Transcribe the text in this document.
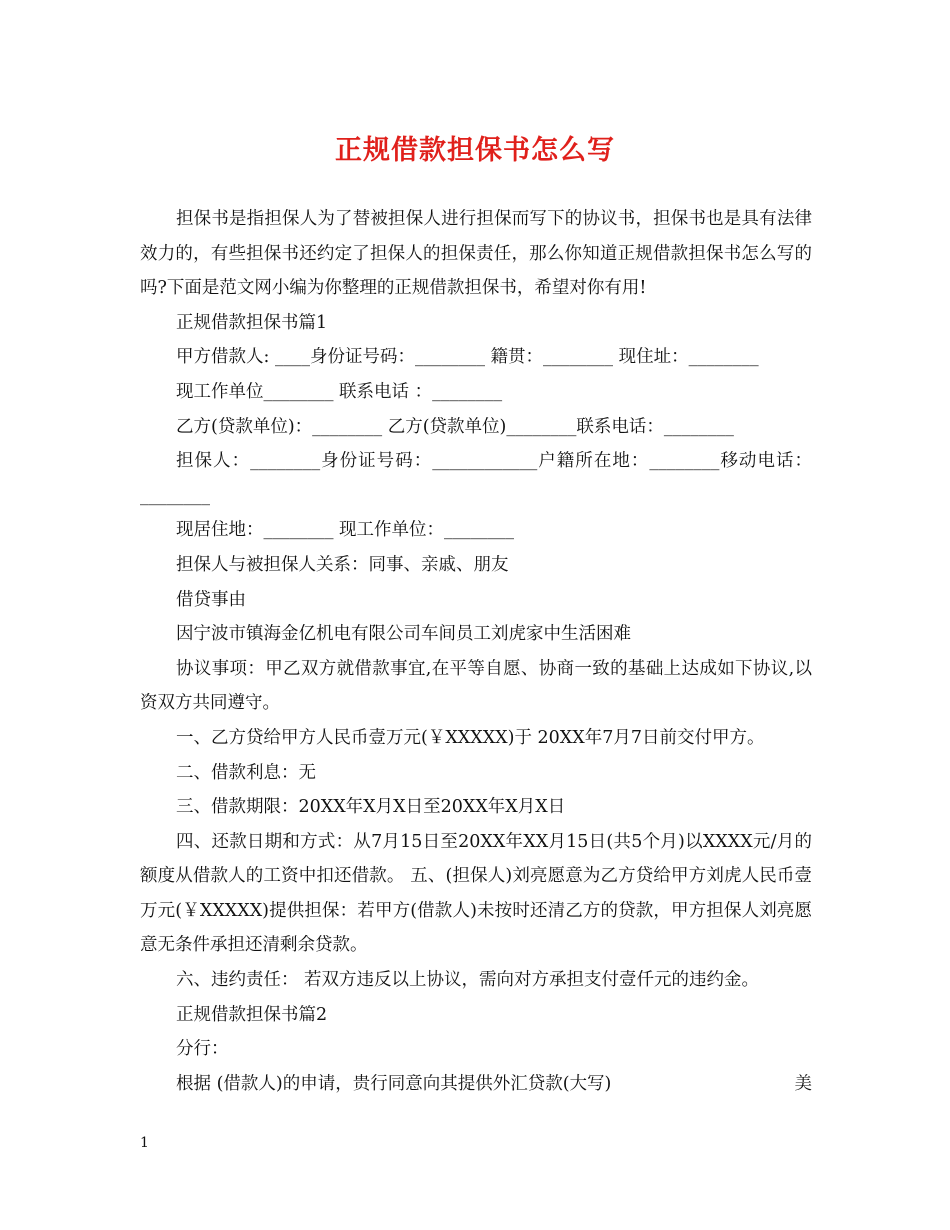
正规借款担保书怎么写

担保书是指担保人为了替被担保人进行担保而写下的协议书，担保书也是具有法律效力的，有些担保书还约定了担保人的担保责任，那么你知道正规借款担保书怎么写的吗?下面是范文网小编为你整理的正规借款担保书，希望对你有用!

正规借款担保书篇1

甲方借款人: ____身份证号码：________ 籍贯：________ 现住址：________

现工作单位________ 联系电话 ：________

乙方(贷款单位)：________ 乙方(贷款单位)________联系电话：________

担保人：________身份证号码：____________户籍所在地：________移动电话：________

现居住地：________ 现工作单位：________

担保人与被担保人关系：同事、亲戚、朋友

借贷事由

因宁波市镇海金亿机电有限公司车间员工刘虎家中生活困难

协议事项：甲乙双方就借款事宜,在平等自愿、协商一致的基础上达成如下协议,以资双方共同遵守。

一、乙方贷给甲方人民币壹万元(￥XXXXX)于 20XX年7月7日前交付甲方。

二、借款利息：无

三、借款期限：20XX年X月X日至20XX年X月X日

四、还款日期和方式：从7月15日至20XX年XX月15日(共5个月)以XXXX元/月的额度从借款人的工资中扣还借款。 五、(担保人)刘亮愿意为乙方贷给甲方刘虎人民币壹万元(￥XXXXX)提供担保：若甲方(借款人)未按时还清乙方的贷款，甲方担保人刘亮愿意无条件承担还清剩余贷款。

六、违约责任： 若双方违反以上协议，需向对方承担支付壹仟元的违约金。

正规借款担保书篇2

分行：

根据 (借款人)的申请，贵行同意向其提供外汇贷款(大写)	美

1
